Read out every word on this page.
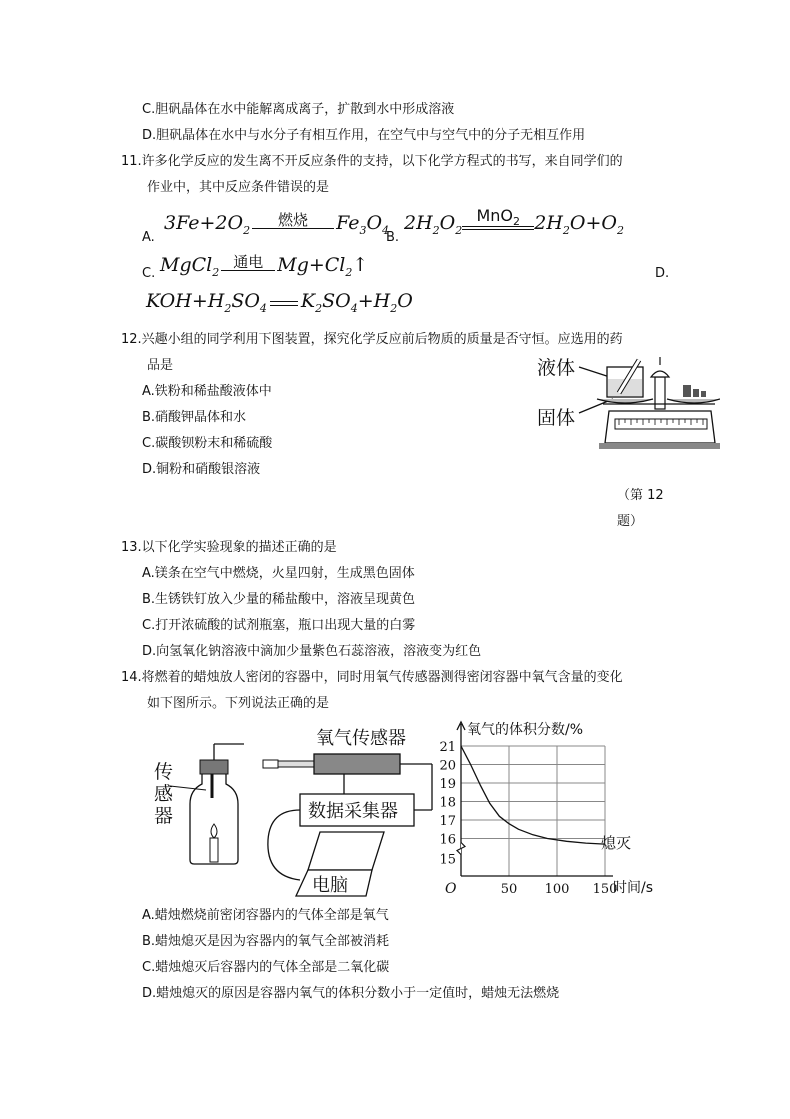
C.胆矾晶体在水中能解离成离子，扩散到水中形成溶液
D.胆矾晶体在水中与水分子有相互作用，在空气中与空气中的分子无相互作用
11.许多化学反应的发生离不开反应条件的支持，以下化学方程式的书写，来自同学们的
作业中，其中反应条件错误的是
A.
$3Fe+2O_2$
燃烧	$Fe_3O_4$
B.
$2H_2O_2$
MnO$_2$ $2H_2O+O_2$
C. MgCl$_2$
通电 $Mg+Cl_2↑$	D.
$KOH+H_2SO_4$ $K_2SO_4+H_2O$
12.兴趣小组的同学利用下图装置，探究化学反应前后物质的质量是否守恒。应选用的药
品是
A.铁粉和稀盐酸液体中
B.硝酸钾晶体和水
C.碳酸钡粉末和稀硫酸
D.铜粉和硝酸银溶液
液体
固体
（第 12
题）
13.以下化学实验现象的描述正确的是
A.镁条在空气中燃烧，火星四射，生成黑色固体
B.生锈铁钉放入少量的稀盐酸中，溶液呈现黄色
C.打开浓硫酸的试剂瓶塞，瓶口出现大量的白雾
D.向氢氧化钠溶液中滴加少量紫色石蕊溶液，溶液变为红色
14.将燃着的蜡烛放人密闭的容器中，同时用氧气传感器测得密闭容器中氧气含量的变化
如下图所示。下列说法正确的是
传
感
器
氧气传感器
数据采集器
电脑
15
16
17
18
19
20
21
50 100 150
氧气的体积分数/%
时间/s
O
熄灭
A.蜡烛燃烧前密闭容器内的气体全部是氧气
B.蜡烛熄灭是因为容器内的氧气全部被消耗
C.蜡烛熄灭后容器内的气体全部是二氧化碳
D.蜡烛熄灭的原因是容器内氧气的体积分数小于一定值时，蜡烛无法燃烧
